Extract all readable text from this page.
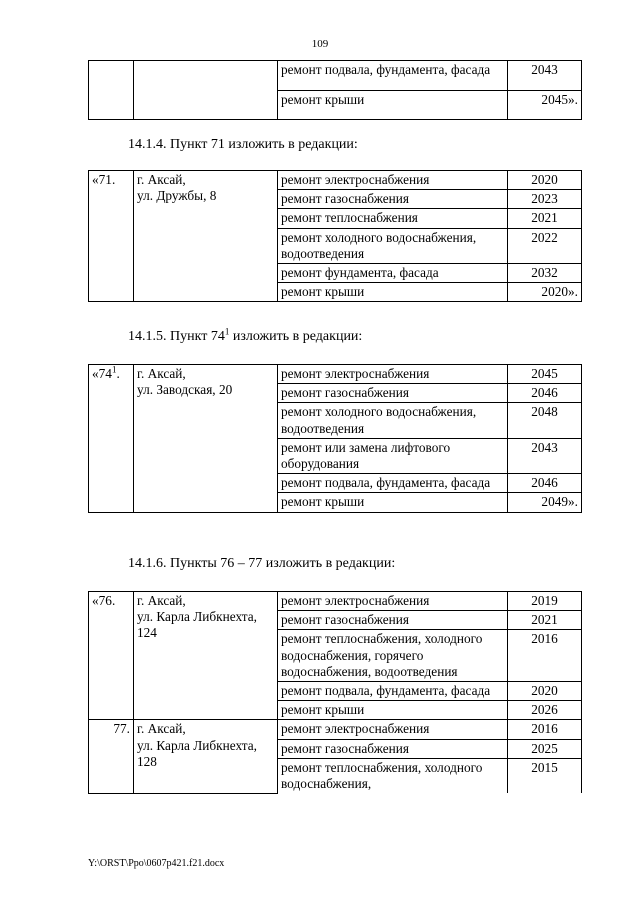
109
		ремонт подвала, фундамента, фасада	2043
		ремонт крыши	2045».
14.1.4. Пункт 71 изложить в редакции:
«71.	г. Аксай,
ул. Дружбы, 8	ремонт электроснабжения	2020
		ремонт газоснабжения	2023
		ремонт теплоснабжения	2021
		ремонт холодного водоснабжения, водоотведения	2022
		ремонт фундамента, фасада	2032
		ремонт крыши	2020».
14.1.5. Пункт $74^1$ изложить в редакции:
«$74^1$.	г. Аксай,
ул. Заводская, 20	ремонт электроснабжения	2045
		ремонт газоснабжения	2046
		ремонт холодного водоснабжения, водоотведения	2048
		ремонт или замена лифтового оборудования	2043
		ремонт подвала, фундамента, фасада	2046
		ремонт крыши	2049».
14.1.6. Пункты 76 – 77 изложить в редакции:
«76.	г. Аксай,
ул. Карла Либкнехта, 124	ремонт электроснабжения	2019
		ремонт газоснабжения	2021
		ремонт теплоснабжения, холодного водоснабжения, горячего водоснабжения, водоотведения	2016
		ремонт подвала, фундамента, фасада	2020
		ремонт крыши	2026
77.	г. Аксай,
ул. Карла Либкнехта, 128	ремонт электроснабжения	2016
		ремонт газоснабжения	2025
		ремонт теплоснабжения, холодного водоснабжения,	2015
Y:\ORST\Ppo\0607p421.f21.docx
